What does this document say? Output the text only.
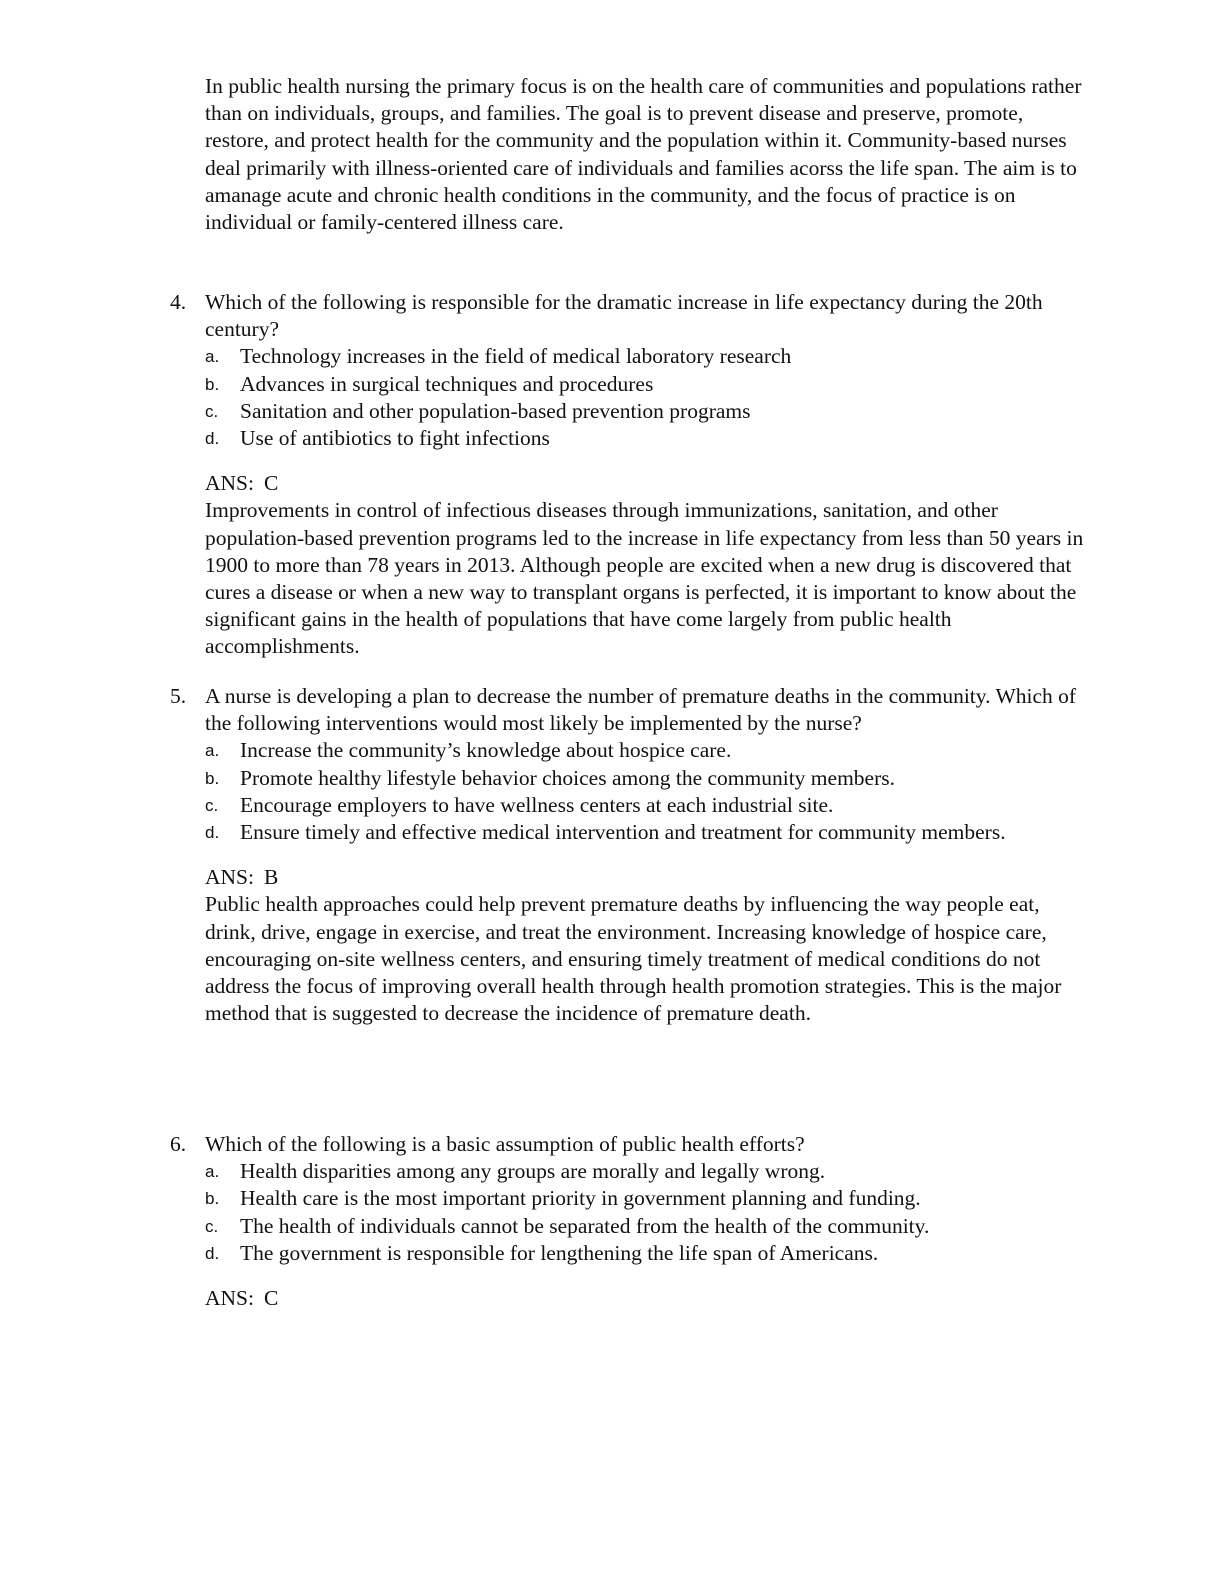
In public health nursing the primary focus is on the health care of communities and populations rather than on individuals, groups, and families. The goal is to prevent disease and preserve, promote, restore, and protect health for the community and the population within it. Community-based nurses deal primarily with illness-oriented care of individuals and families acorss the life span. The aim is to amanage acute and chronic health conditions in the community, and the focus of practice is on individual or family-centered illness care.

4. Which of the following is responsible for the dramatic increase in life expectancy during the 20th century?
a. Technology increases in the field of medical laboratory research
b. Advances in surgical techniques and procedures
c. Sanitation and other population-based prevention programs
d. Use of antibiotics to fight infections
ANS: C
Improvements in control of infectious diseases through immunizations, sanitation, and other population-based prevention programs led to the increase in life expectancy from less than 50 years in 1900 to more than 78 years in 2013. Although people are excited when a new drug is discovered that cures a disease or when a new way to transplant organs is perfected, it is important to know about the significant gains in the health of populations that have come largely from public health accomplishments.
5. A nurse is developing a plan to decrease the number of premature deaths in the community. Which of the following interventions would most likely be implemented by the nurse?
a. Increase the community’s knowledge about hospice care.
b. Promote healthy lifestyle behavior choices among the community members.
c. Encourage employers to have wellness centers at each industrial site.
d. Ensure timely and effective medical intervention and treatment for community members.
ANS: B
Public health approaches could help prevent premature deaths by influencing the way people eat, drink, drive, engage in exercise, and treat the environment. Increasing knowledge of hospice care, encouraging on-site wellness centers, and ensuring timely treatment of medical conditions do not address the focus of improving overall health through health promotion strategies. This is the major method that is suggested to decrease the incidence of premature death.
6. Which of the following is a basic assumption of public health efforts?
a. Health disparities among any groups are morally and legally wrong.
b. Health care is the most important priority in government planning and funding.
c. The health of individuals cannot be separated from the health of the community.
d. The government is responsible for lengthening the life span of Americans.
ANS: C
